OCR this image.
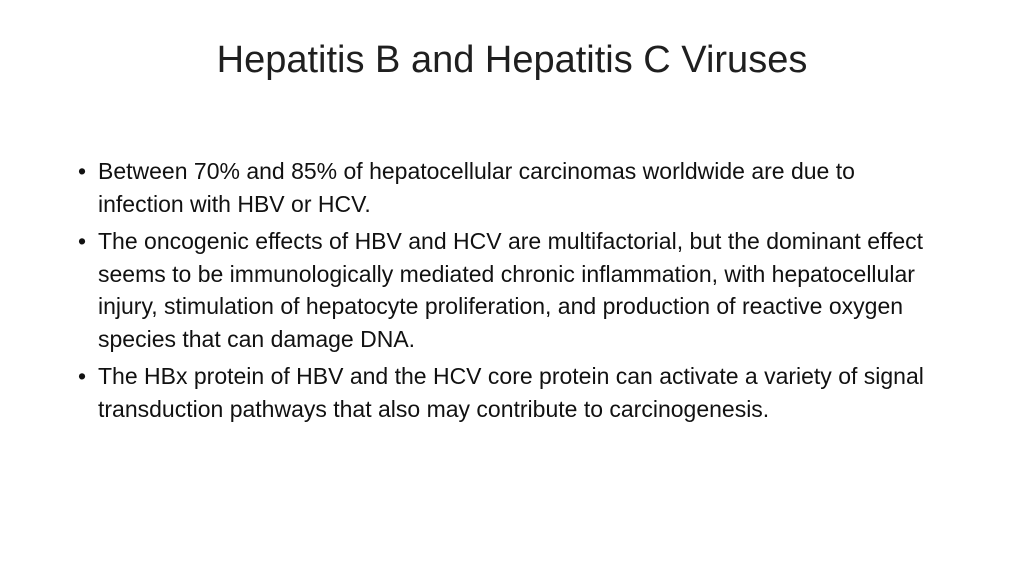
Hepatitis B and Hepatitis C Viruses
• Between 70% and 85% of hepatocellular carcinomas worldwide are due to infection with HBV or HCV.
• The oncogenic effects of HBV and HCV are multifactorial, but the dominant effect seems to be immunologically mediated chronic inflammation, with hepatocellular injury, stimulation of hepatocyte proliferation, and production of reactive oxygen species that can damage DNA.
• The HBx protein of HBV and the HCV core protein can activate a variety of signal transduction pathways that also may contribute to carcinogenesis.
